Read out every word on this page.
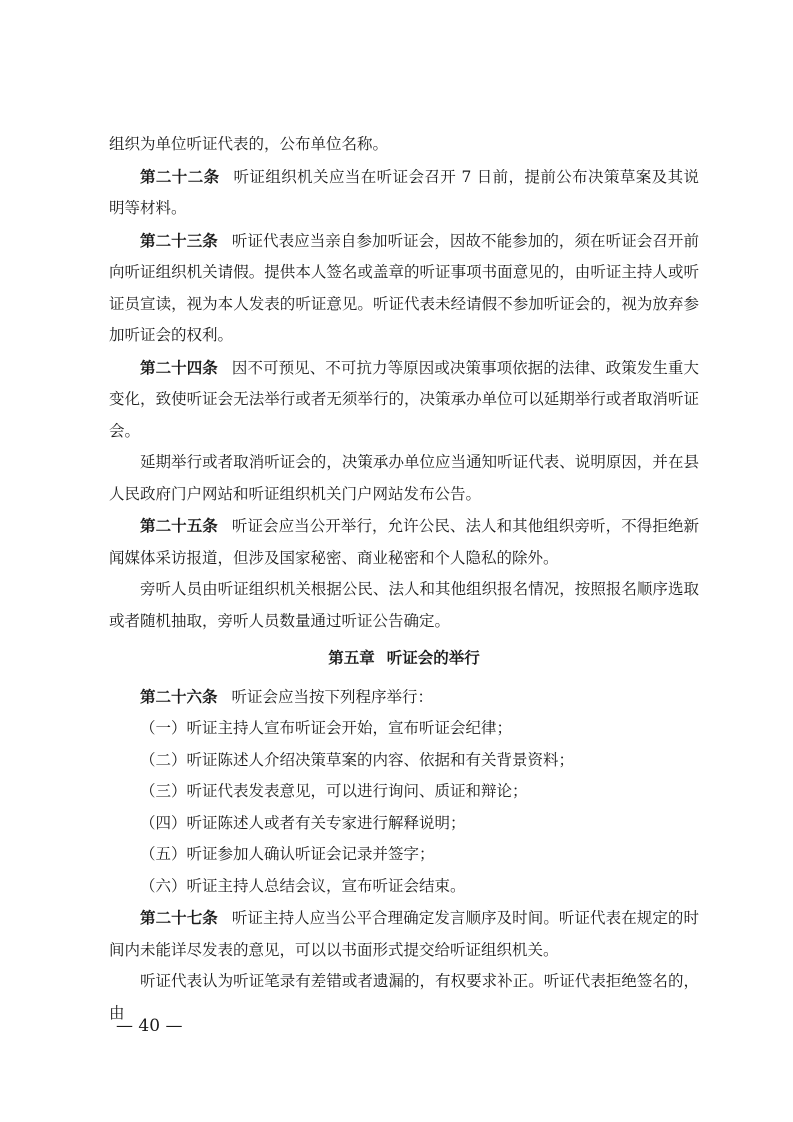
组织为单位听证代表的，公布单位名称。

第二十二条 听证组织机关应当在听证会召开 7 日前，提前公布决策草案及其说明等材料。

第二十三条 听证代表应当亲自参加听证会，因故不能参加的，须在听证会召开前向听证组织机关请假。提供本人签名或盖章的听证事项书面意见的，由听证主持人或听证员宣读，视为本人发表的听证意见。听证代表未经请假不参加听证会的，视为放弃参加听证会的权利。

第二十四条 因不可预见、不可抗力等原因或决策事项依据的法律、政策发生重大变化，致使听证会无法举行或者无须举行的，决策承办单位可以延期举行或者取消听证会。

延期举行或者取消听证会的，决策承办单位应当通知听证代表、说明原因，并在县人民政府门户网站和听证组织机关门户网站发布公告。

第二十五条 听证会应当公开举行，允许公民、法人和其他组织旁听，不得拒绝新闻媒体采访报道，但涉及国家秘密、商业秘密和个人隐私的除外。

旁听人员由听证组织机关根据公民、法人和其他组织报名情况，按照报名顺序选取或者随机抽取，旁听人员数量通过听证公告确定。

第五章 听证会的举行

第二十六条 听证会应当按下列程序举行：

（一）听证主持人宣布听证会开始，宣布听证会纪律；

（二）听证陈述人介绍决策草案的内容、依据和有关背景资料；

（三）听证代表发表意见，可以进行询问、质证和辩论；

（四）听证陈述人或者有关专家进行解释说明；

（五）听证参加人确认听证会记录并签字；

（六）听证主持人总结会议，宣布听证会结束。

第二十七条 听证主持人应当公平合理确定发言顺序及时间。听证代表在规定的时间内未能详尽发表的意见，可以以书面形式提交给听证组织机关。

听证代表认为听证笔录有差错或者遗漏的，有权要求补正。听证代表拒绝签名的，由

— 40 —
